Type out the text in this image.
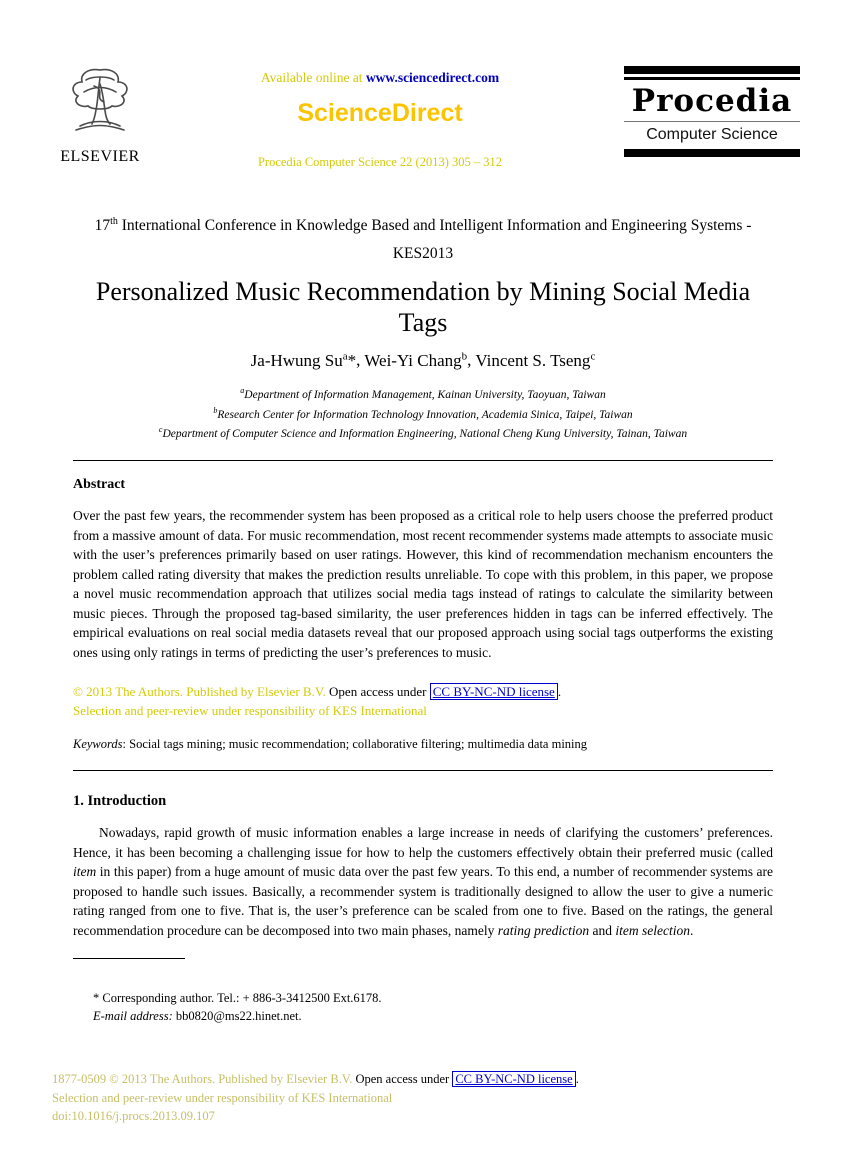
ELSEVIER
Available online at www.sciencedirect.com
ScienceDirect
Procedia Computer Science 22 (2013) 305 – 312
Procedia
Computer Science
17th International Conference in Knowledge Based and Intelligent Information and Engineering Systems -
KES2013
Personalized Music Recommendation by Mining Social Media Tags
Ja-Hwung Su$^a$*, Wei-Yi Chang$^b$, Vincent S. Tseng$^c$
$^a$Department of Information Management, Kainan University, Taoyuan, Taiwan
$^b$Research Center for Information Technology Innovation, Academia Sinica, Taipei, Taiwan
$^c$Department of Computer Science and Information Engineering, National Cheng Kung University, Tainan, Taiwan
Abstract

Over the past few years, the recommender system has been proposed as a critical role to help users choose the preferred product from a massive amount of data. For music recommendation, most recent recommender systems made attempts to associate music with the user’s preferences primarily based on user ratings. However, this kind of recommendation mechanism encounters the problem called rating diversity that makes the prediction results unreliable. To cope with this problem, in this paper, we propose a novel music recommendation approach that utilizes social media tags instead of ratings to calculate the similarity between music pieces. Through the proposed tag-based similarity, the user preferences hidden in tags can be inferred effectively. The empirical evaluations on real social media datasets reveal that our proposed approach using social tags outperforms the existing ones using only ratings in terms of predicting the user’s preferences to music.

© 2013 The Authors. Published by Elsevier B.V. Open access under CC BY-NC-ND license .
Selection and peer-review under responsibility of KES International
Keywords: Social tags mining; music recommendation; collaborative filtering; multimedia data mining
1. Introduction

Nowadays, rapid growth of music information enables a large increase in needs of clarifying the customers’ preferences. Hence, it has been becoming a challenging issue for how to help the customers effectively obtain their preferred music (called item in this paper) from a huge amount of music data over the past few years. To this end, a number of recommender systems are proposed to handle such issues. Basically, a recommender system is traditionally designed to allow the user to give a numeric rating ranged from one to five. That is, the user’s preference can be scaled from one to five. Based on the ratings, the general recommendation procedure can be decomposed into two main phases, namely rating prediction and item selection.

* Corresponding author. Tel.: + 886-3-3412500 Ext.6178.
E-mail address: bb0820@ms22.hinet.net.
1877-0509 © 2013 The Authors. Published by Elsevier B.V. Open access under CC BY-NC-ND license .
Selection and peer-review under responsibility of KES International
doi:10.1016/j.procs.2013.09.107
